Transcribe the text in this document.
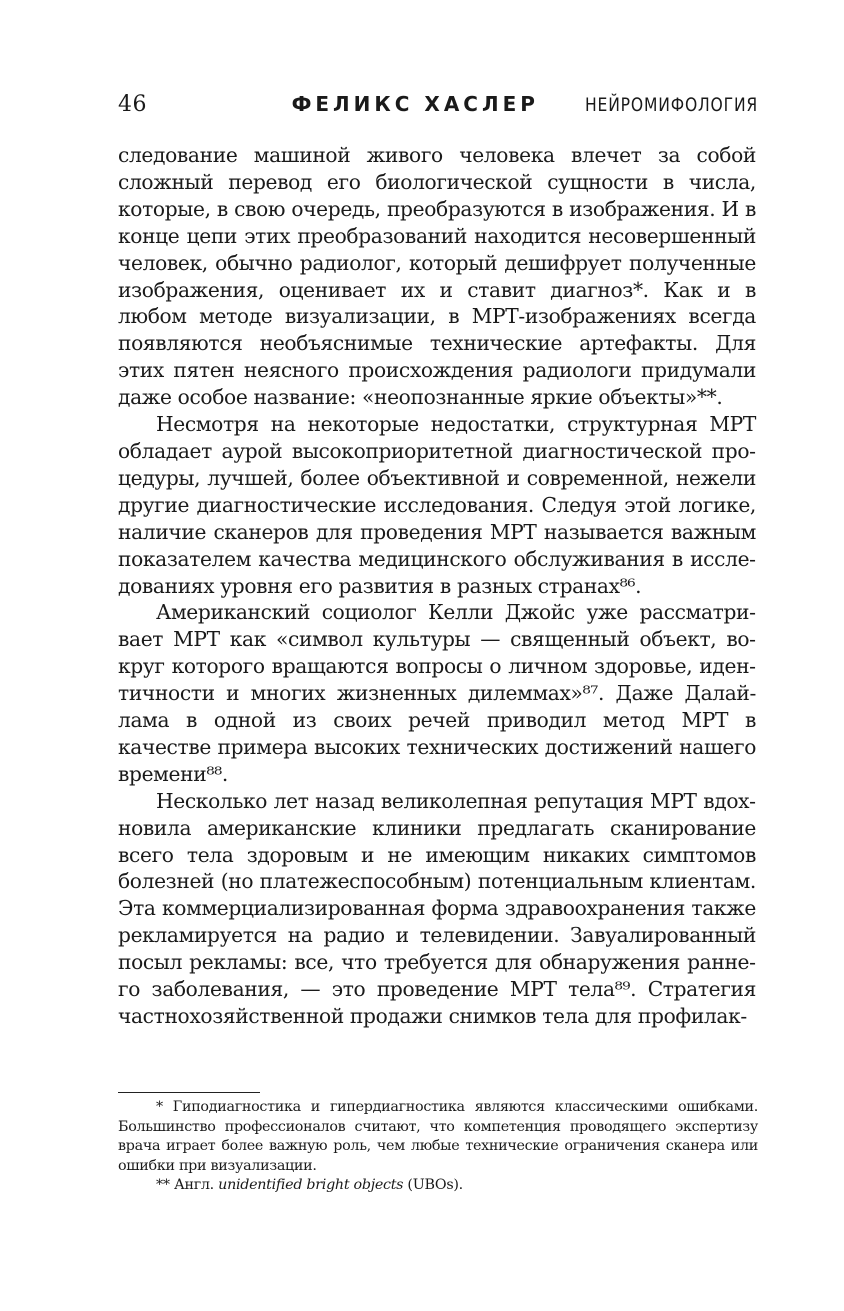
46	ФЕЛИКС ХАСЛЕР НЕЙРОМИФОЛОГИЯ

следование машиной живого человека влечет за собой сложный перевод его биологической сущности в числа, которые, в свою очередь, преобразуются в изображения. И в конце цепи этих преобразований находится несовершенный человек, обычно радиолог, который дешифрует полученные изображения, оценивает их и ставит диагноз*. Как и в любом методе визуализации, в МРТ-изображениях всегда появляются необъяснимые технические артефакты. Для этих пятен неясного происхождения радиологи придумали даже особое название: «неопознанные яркие объекты»**.

Несмотря на некоторые недостатки, структурная МРТ обладает аурой высокоприоритетной диагностической процедуры, лучшей, более объективной и современной, нежели другие диагностические исследования. Следуя этой логике, наличие сканеров для проведения МРТ называется важным показателем качества медицинского обслуживания в исследованиях уровня его развития в разных странах⁸⁶.

Американский социолог Келли Джойс уже рассматривает МРТ как «символ культуры — священный объект, вокруг которого вращаются вопросы о личном здоровье, идентичности и многих жизненных дилеммах»⁸⁷. Даже Далай-лама в одной из своих речей приводил метод МРТ в качестве примера высоких технических достижений нашего времени⁸⁸.

Несколько лет назад великолепная репутация МРТ вдохновила американские клиники предлагать сканирование всего тела здоровым и не имеющим никаких симптомов болезней (но платежеспособным) потенциальным клиентам. Эта коммерциализированная форма здравоохранения также рекламируется на радио и телевидении. Завуалированный посыл рекламы: все, что требуется для обнаружения раннего заболевания, — это проведение МРТ тела⁸⁹. Стратегия частнохозяйственной продажи снимков тела для профилак-

* Гиподиагностика и гипердиагностика являются классическими ошибками. Большинство профессионалов считают, что компетенция проводящего экспертизу врача играет более важную роль, чем любые технические ограничения сканера или ошибки при визуализации.

** Англ. unidentified bright objects (UBOs).
